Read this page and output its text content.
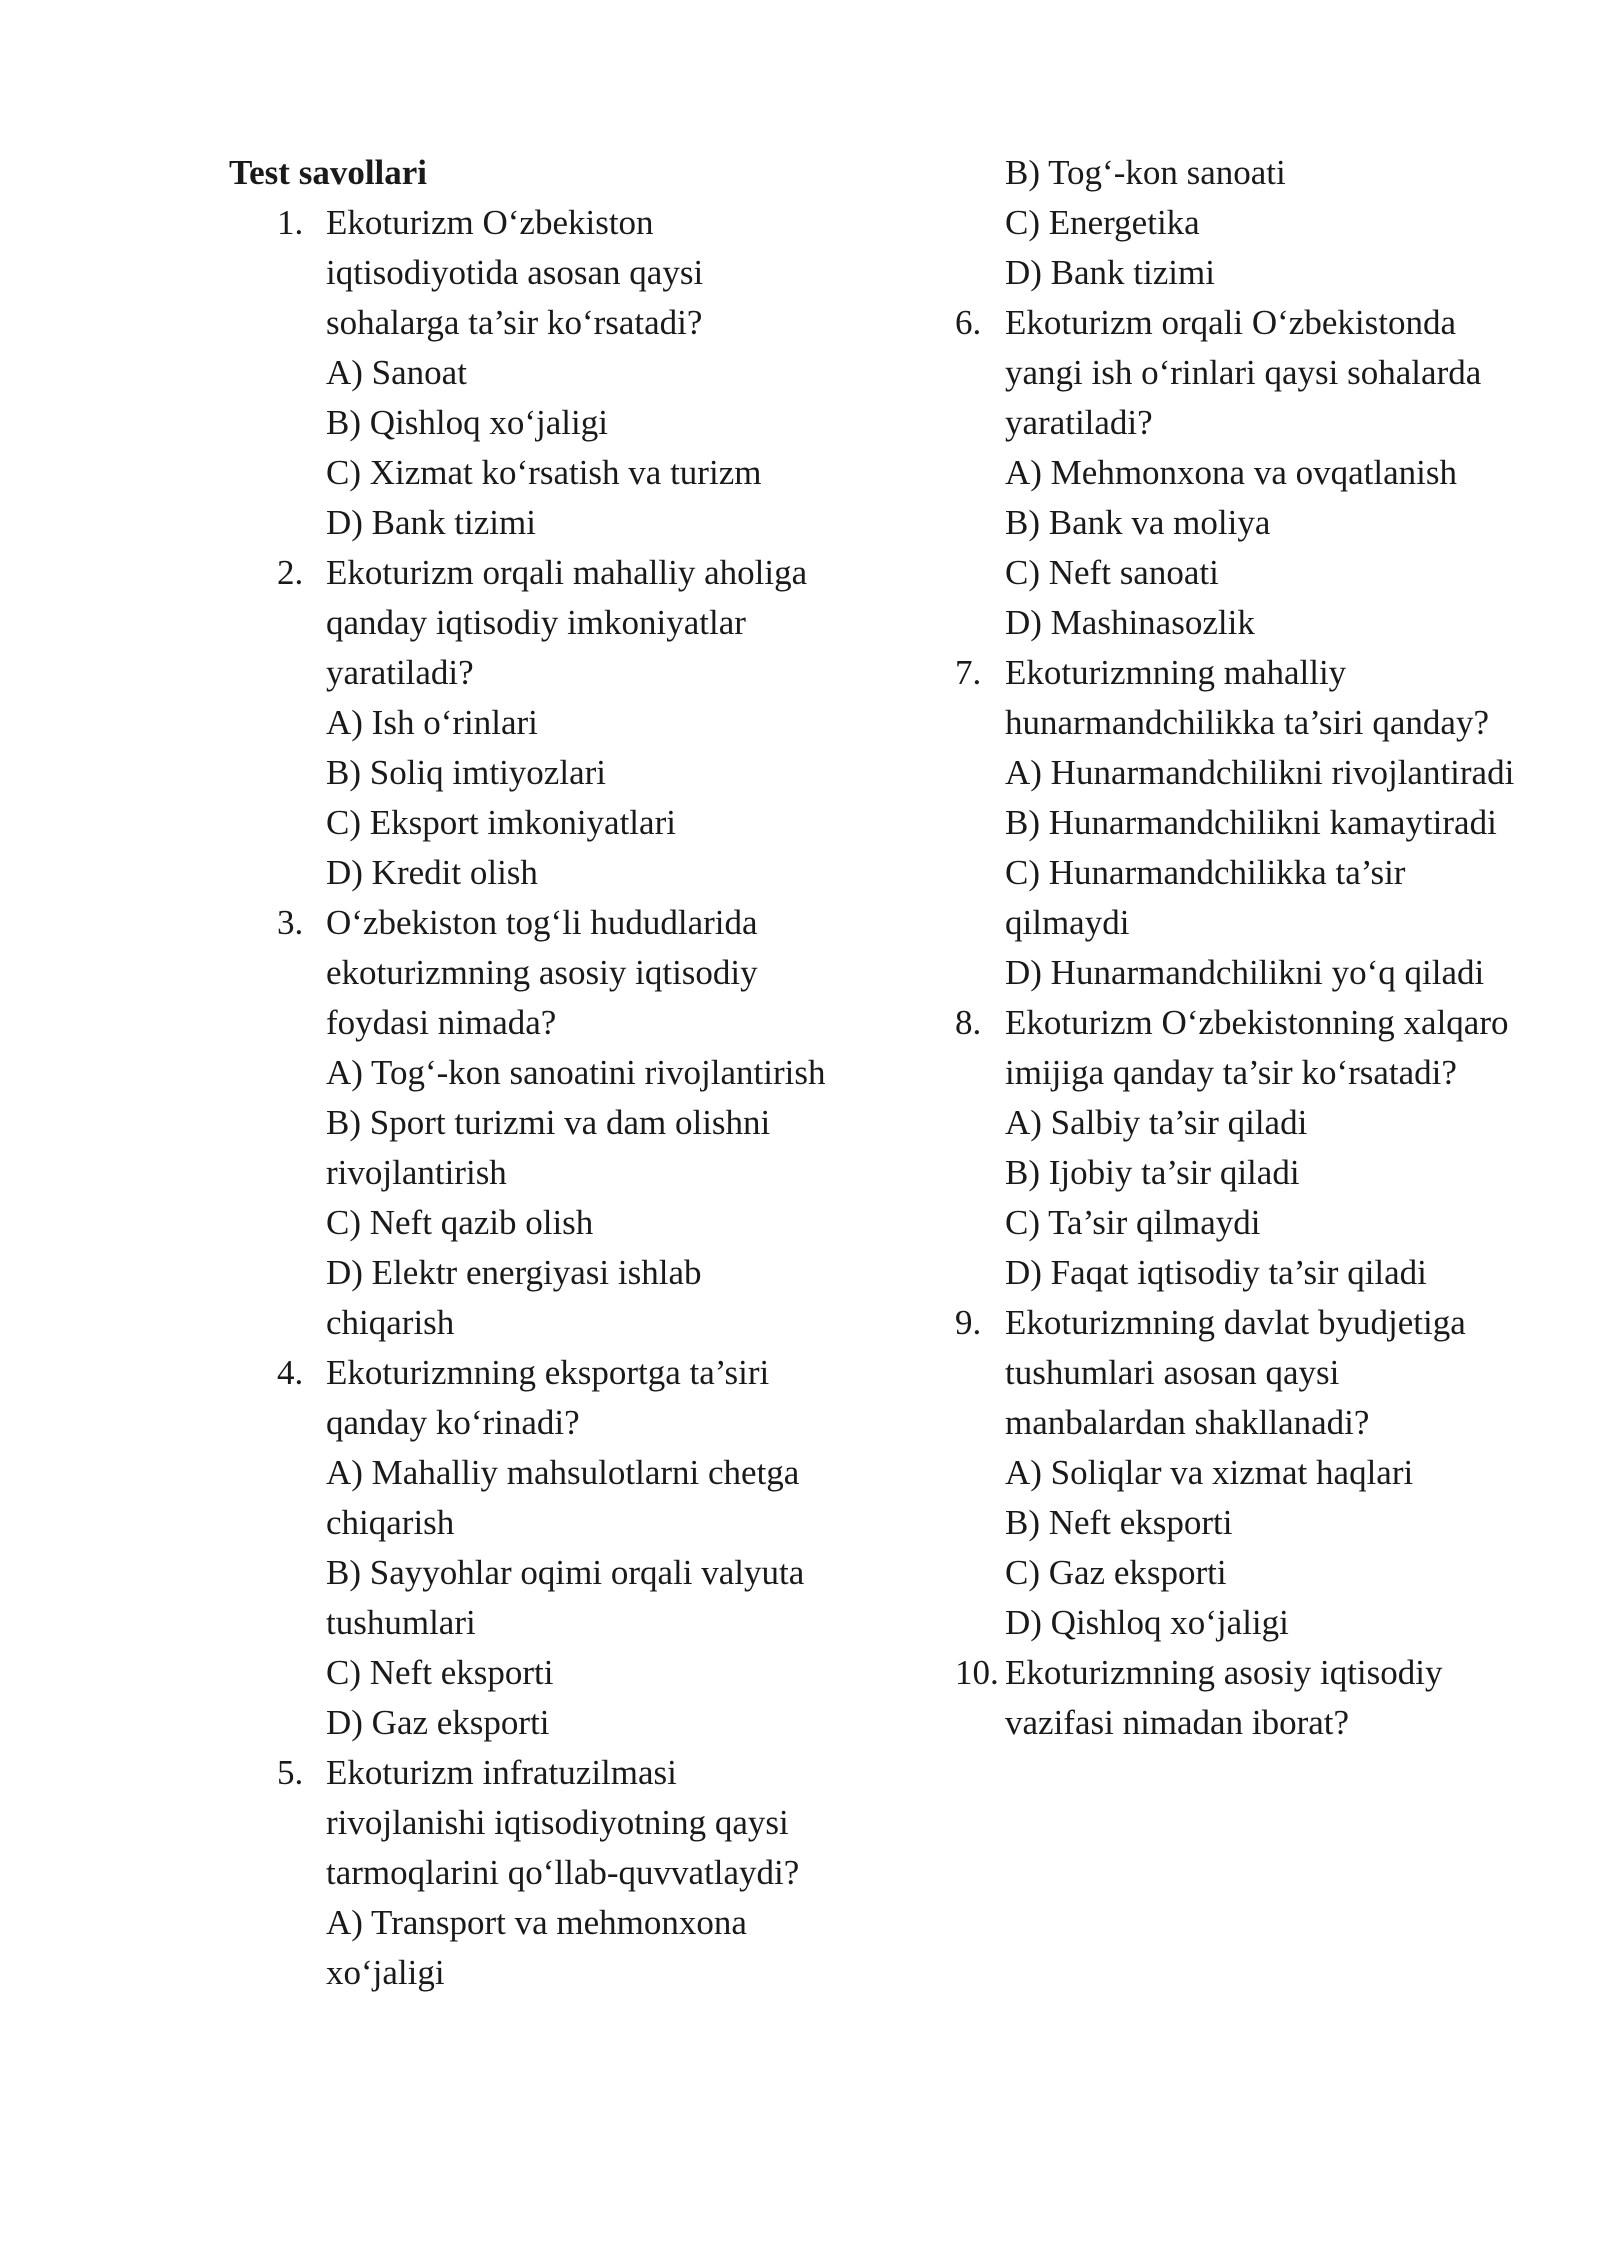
Test savollari
1. Ekoturizm O‘zbekiston iqtisodiyotida asosan qaysi sohalarga ta’sir ko‘rsatadi?
A) Sanoat
B) Qishloq xo‘jaligi
C) Xizmat ko‘rsatish va turizm
D) Bank tizimi
2. Ekoturizm orqali mahalliy aholiga qanday iqtisodiy imkoniyatlar yaratiladi?
A) Ish o‘rinlari
B) Soliq imtiyozlari
C) Eksport imkoniyatlari
D) Kredit olish
3. O‘zbekiston tog‘li hududlarida ekoturizmning asosiy iqtisodiy foydasi nimada?
A) Tog‘-kon sanoatini rivojlantirish
B) Sport turizmi va dam olishni rivojlantirish
C) Neft qazib olish
D) Elektr energiyasi ishlab chiqarish
4. Ekoturizmning eksportga ta’siri qanday ko‘rinadi?
A) Mahalliy mahsulotlarni chetga chiqarish
B) Sayyohlar oqimi orqali valyuta tushumlari
C) Neft eksporti
D) Gaz eksporti
5. Ekoturizm infratuzilmasi rivojlanishi iqtisodiyotning qaysi tarmoqlarini qo‘llab-quvvatlaydi?
A) Transport va mehmonxona xo‘jaligi
B) Tog‘-kon sanoati
C) Energetika
D) Bank tizimi
6. Ekoturizm orqali O‘zbekistonda yangi ish o‘rinlari qaysi sohalarda yaratiladi?
A) Mehmonxona va ovqatlanish
B) Bank va moliya
C) Neft sanoati
D) Mashinasozlik
7. Ekoturizmning mahalliy hunarmandchilikka ta’siri qanday?
A) Hunarmandchilikni rivojlantiradi
B) Hunarmandchilikni kamaytiradi
C) Hunarmandchilikka ta’sir qilmaydi
D) Hunarmandchilikni yo‘q qiladi
8. Ekoturizm O‘zbekistonning xalqaro imijiga qanday ta’sir ko‘rsatadi?
A) Salbiy ta’sir qiladi
B) Ijobiy ta’sir qiladi
C) Ta’sir qilmaydi
D) Faqat iqtisodiy ta’sir qiladi
9. Ekoturizmning davlat byudjetiga tushumlari asosan qaysi manbalardan shakllanadi?
A) Soliqlar va xizmat haqlari
B) Neft eksporti
C) Gaz eksporti
D) Qishloq xo‘jaligi
10. Ekoturizmning asosiy iqtisodiy vazifasi nimadan iborat?
